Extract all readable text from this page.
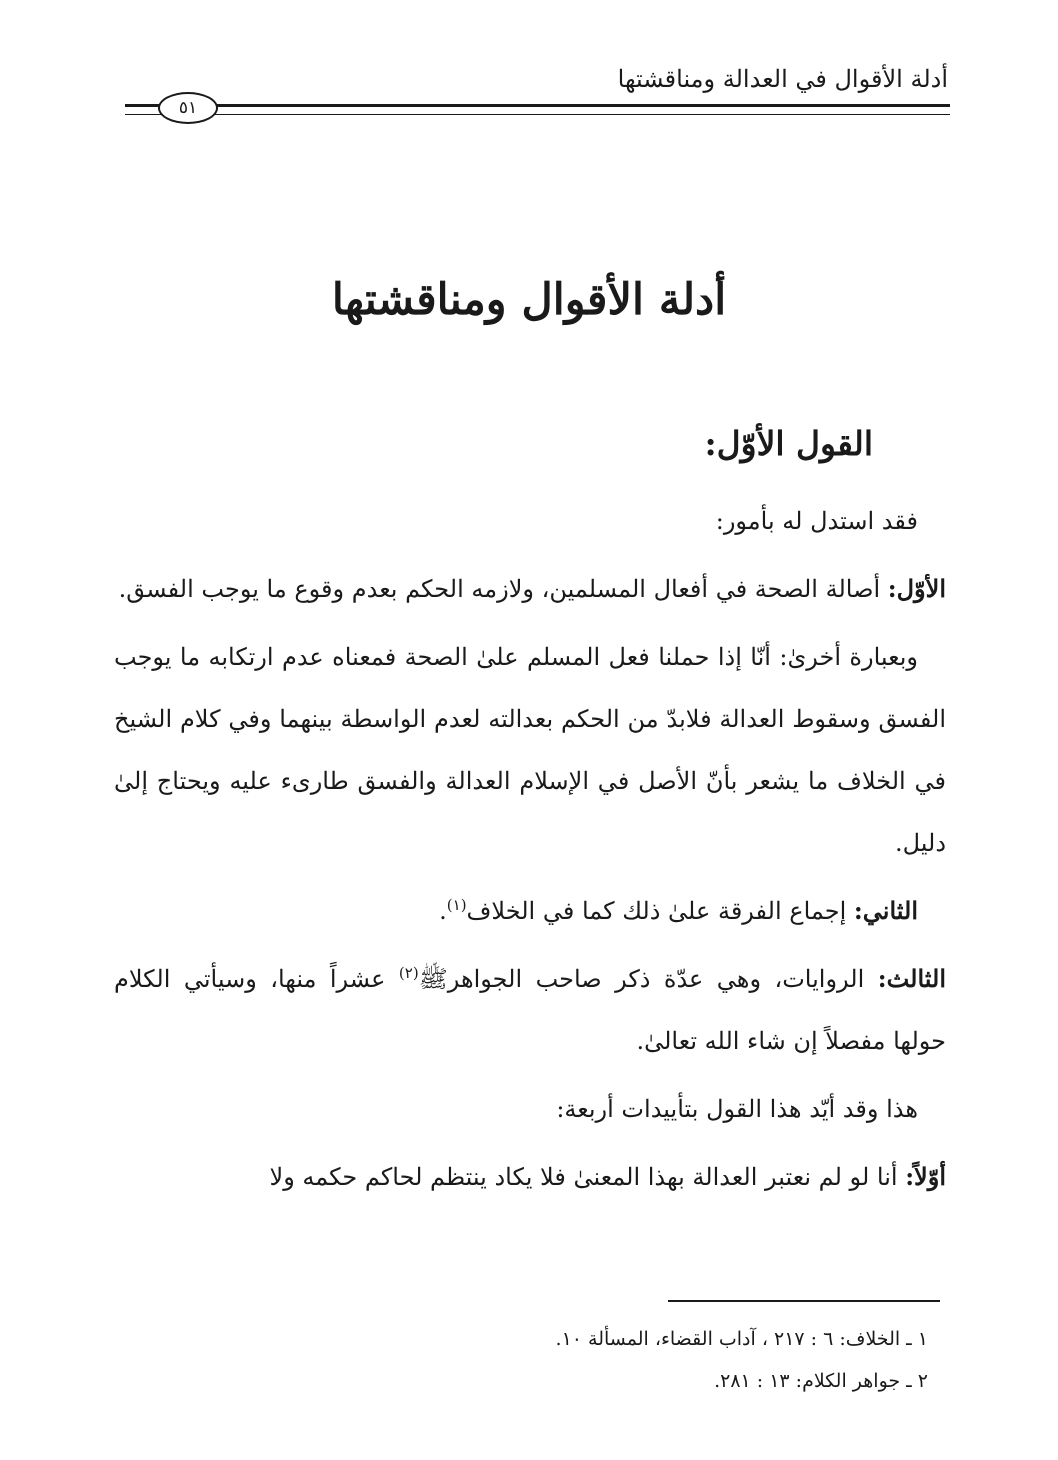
أدلة الأقوال في العدالة ومناقشتها
٥١
أدلة الأقوال ومناقشتها
القول الأوّل:

فقد استدل له بأمور:

الأوّل: أصالة الصحة في أفعال المسلمين، ولازمه الحكم بعدم وقوع ما يوجب الفسق.

وبعبارة أخرىٰ: أنّا إذا حملنا فعل المسلم علىٰ الصحة فمعناه عدم ارتكابه ما يوجب الفسق وسقوط العدالة فلابدّ من الحكم بعدالته لعدم الواسطة بينهما وفي كلام الشيخ في الخلاف ما يشعر بأنّ الأصل في الإسلام العدالة والفسق طارىء عليه ويحتاج إلىٰ دليل.

الثاني: إجماع الفرقة علىٰ ذلك كما في الخلاف$^{(١)}$.

الثالث: الروايات، وهي عدّة ذكر صاحب الجواهرﷺ$^{(٢)}$ عشراً منها، وسيأتي الكلام حولها مفصلاً إن شاء الله تعالىٰ.

هذا وقد أيّد هذا القول بتأييدات أربعة:

أوّلاً: أنا لو لم نعتبر العدالة بهذا المعنىٰ فلا يكاد ينتظم لحاكم حكمه ولا

١ ـ الخلاف: ٦ : ٢١٧ ، آداب القضاء، المسألة ١٠.

٢ ـ جواهر الكلام: ١٣ : ٢٨١.
